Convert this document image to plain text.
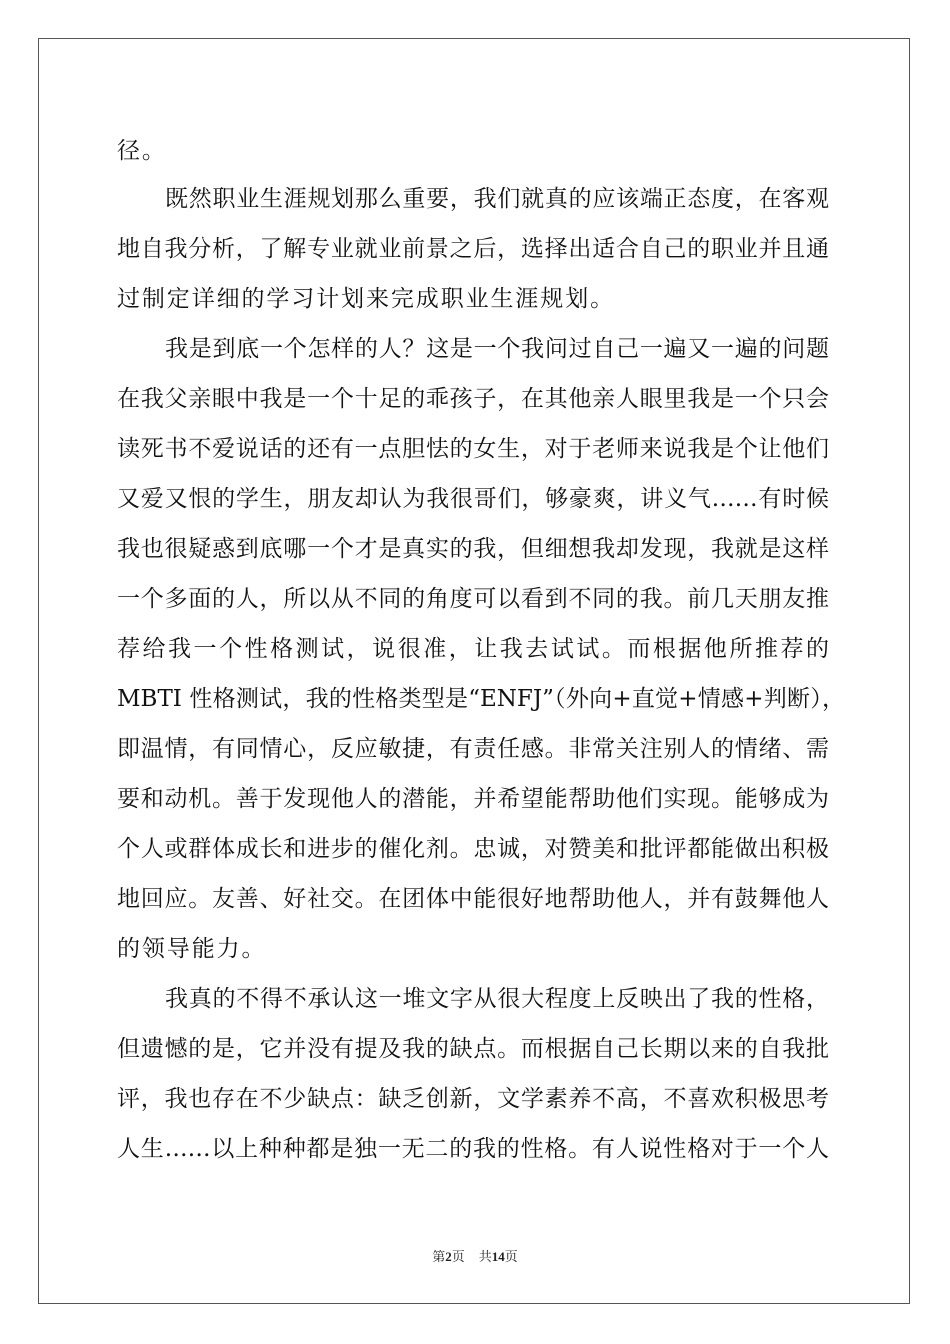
径。
既然职业生涯规划那么重要，我们就真的应该端正态度，在客观
地自我分析，了解专业就业前景之后，选择出适合自己的职业并且通
过制定详细的学习计划来完成职业生涯规划。
我是到底一个怎样的人？这是一个我问过自己一遍又一遍的问题
在我父亲眼中我是一个十足的乖孩子，在其他亲人眼里我是一个只会
读死书不爱说话的还有一点胆怯的女生，对于老师来说我是个让他们
又爱又恨的学生，朋友却认为我很哥们，够豪爽，讲义气……有时候
我也很疑惑到底哪一个才是真实的我，但细想我却发现，我就是这样
一个多面的人，所以从不同的角度可以看到不同的我。前几天朋友推
荐给我一个性格测试，说很准，让我去试试。而根据他所推荐的
MBTI 性格测试，我的性格类型是“ENFJ”（外向+直觉+情感+判断），
即温情，有同情心，反应敏捷，有责任感。非常关注别人的情绪、需
要和动机。善于发现他人的潜能，并希望能帮助他们实现。能够成为
个人或群体成长和进步的催化剂。忠诚，对赞美和批评都能做出积极
地回应。友善、好社交。在团体中能很好地帮助他人，并有鼓舞他人
的领导能力。
我真的不得不承认这一堆文字从很大程度上反映出了我的性格，
但遗憾的是，它并没有提及我的缺点。而根据自己长期以来的自我批
评，我也存在不少缺点：缺乏创新，文学素养不高，不喜欢积极思考
人生……以上种种都是独一无二的我的性格。有人说性格对于一个人
第2页 共14页
